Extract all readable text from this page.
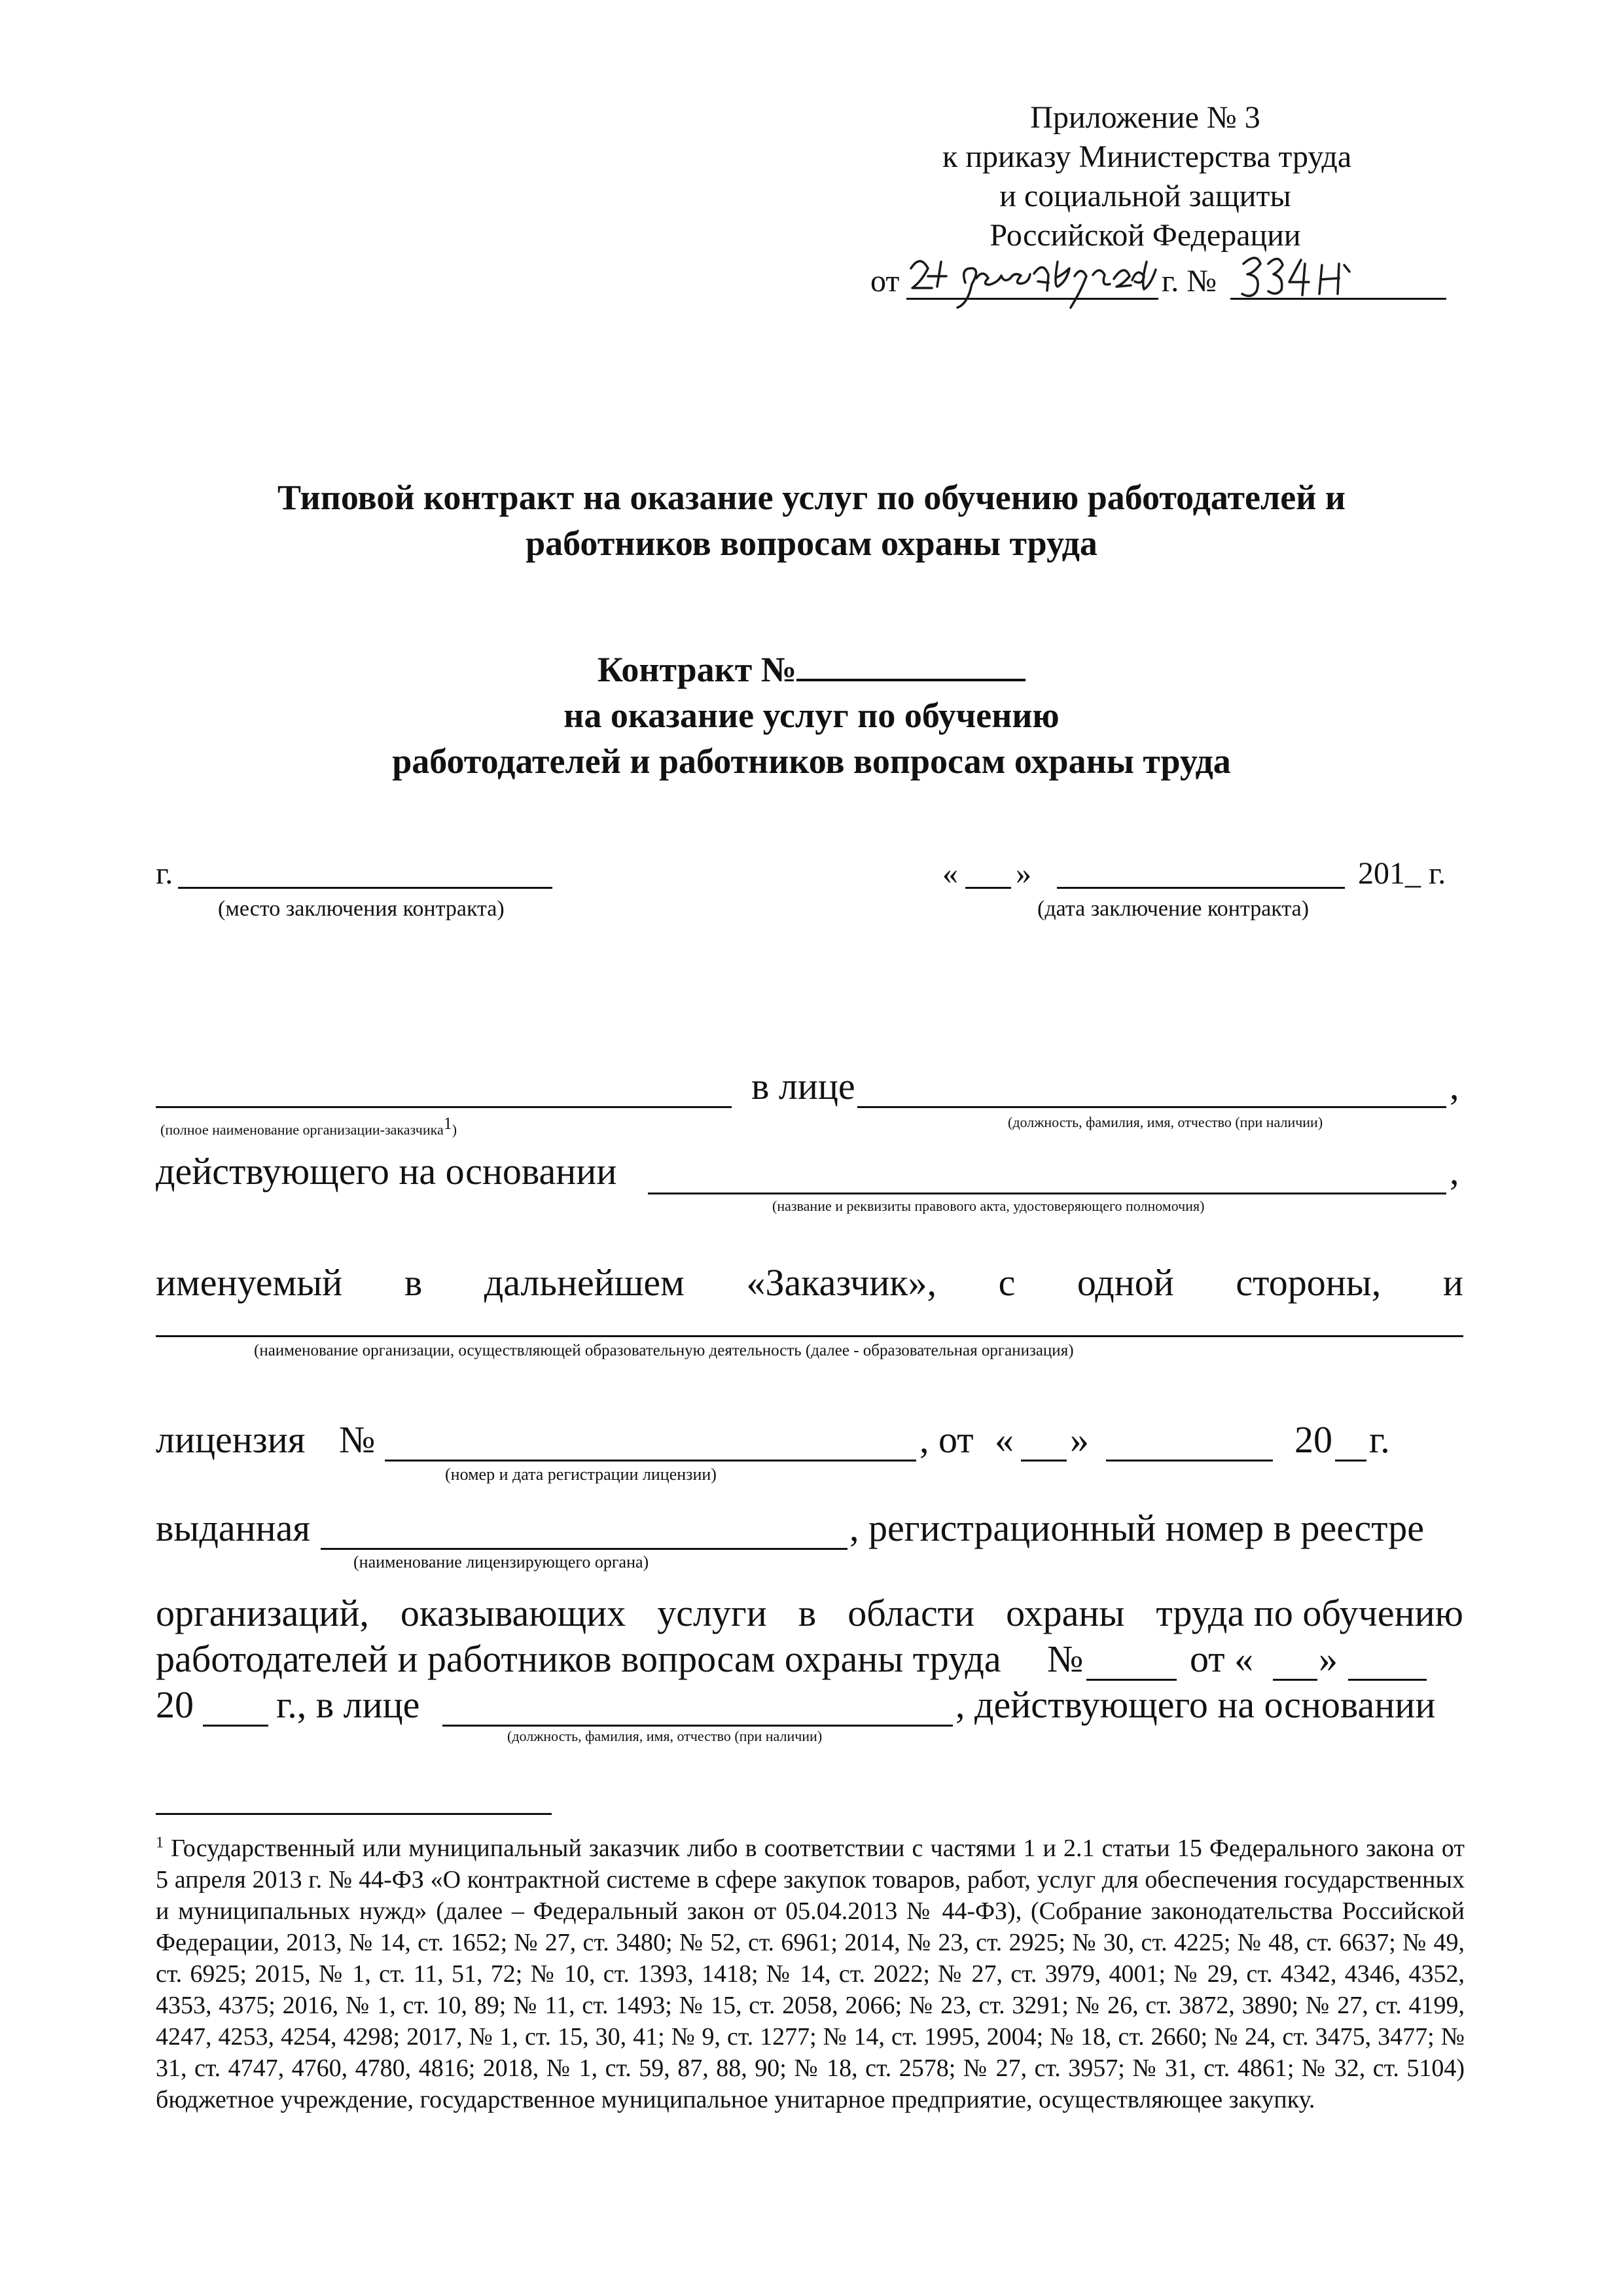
Приложение № 3
к приказу Министерства труда
и социальной защиты
Российской Федерации
от	г. №
Типовой контракт на оказание услуг по обучению работодателей и
работников вопросам охраны труда
Контракт №
на оказание услуг по обучению
работодателей и работников вопросам охраны труда
г.
(место заключения контракта)
« »	201_ г.
(дата заключение контракта)
в лице	,
(полное наименование организации-заказчика$^1$)	(должность, фамилия, имя, отчество (при наличии)
действующего на основании	,
(название и реквизиты правового акта, удостоверяющего полномочия)
именуемый в дальнейшем «Заказчик», с одной стороны, и
(наименование организации, осуществляющей образовательную деятельность (далее - образовательная организация)
лицензия №
(номер и дата регистрации лицензии)
, от « »	20 г.
выданная
(наименование лицензирующего органа)
, регистрационный номер в реестре
организаций, оказывающих услуги в области охраны труда по обучению
работодателей и работников вопросам охраны труда №	от « »
20 г., в лице
(должность, фамилия, имя, отчество (при наличии)
, действующего на основании
$^1$ Государственный или муниципальный заказчик либо в соответствии с частями 1 и 2.1 статьи 15 Федерального закона от 5 апреля 2013 г. № 44-ФЗ «О контрактной системе в сфере закупок товаров, работ, услуг для обеспечения государственных и муниципальных нужд» (далее – Федеральный закон от 05.04.2013 № 44-ФЗ), (Собрание законодательства Российской Федерации, 2013, № 14, ст. 1652; № 27, ст. 3480; № 52, ст. 6961; 2014, № 23, ст. 2925; № 30, ст. 4225; № 48, ст. 6637; № 49, ст. 6925; 2015, № 1, ст. 11, 51, 72; № 10, ст. 1393, 1418; № 14, ст. 2022; № 27, ст. 3979, 4001; № 29, ст. 4342, 4346, 4352, 4353, 4375; 2016, № 1, ст. 10, 89; № 11, ст. 1493; № 15, ст. 2058, 2066; № 23, ст. 3291; № 26, ст. 3872, 3890; № 27, ст. 4199, 4247, 4253, 4254, 4298; 2017, № 1, ст. 15, 30, 41; № 9, ст. 1277; № 14, ст. 1995, 2004; № 18, ст. 2660; № 24, ст. 3475, 3477; № 31, ст. 4747, 4760, 4780, 4816; 2018, № 1, ст. 59, 87, 88, 90; № 18, ст. 2578; № 27, ст. 3957; № 31, ст. 4861; № 32, ст. 5104) бюджетное учреждение, государственное муниципальное унитарное предприятие, осуществляющее закупку.
